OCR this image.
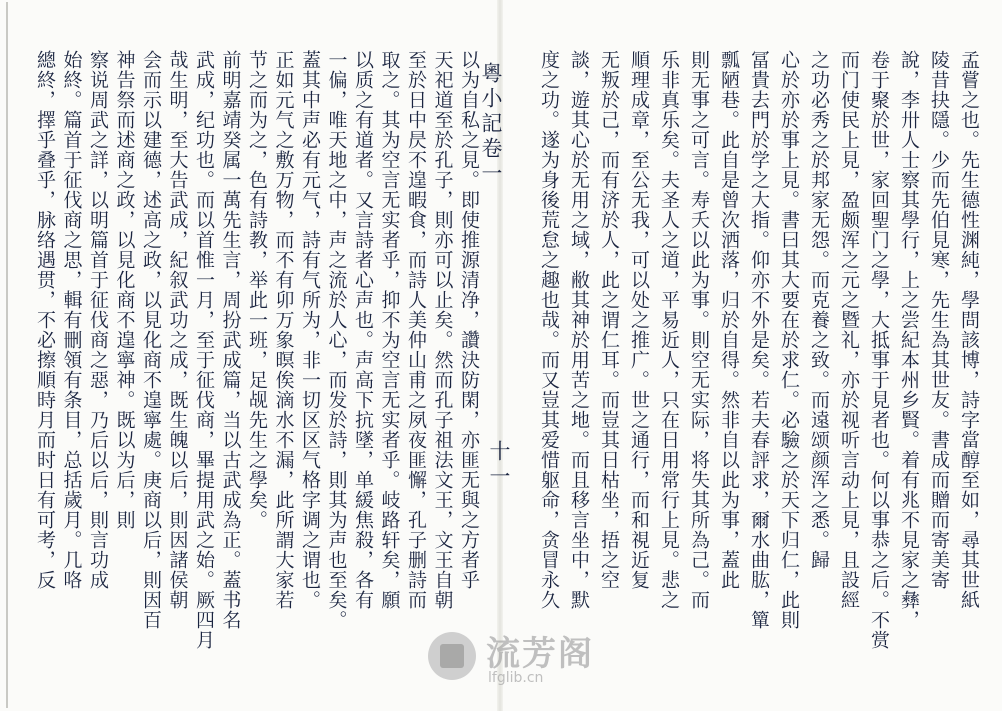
以为自私之見。即使推源清净，讚決防閑，亦匪无與之方者乎
天祀道至於孔子，則亦可以止矣。然而孔子祖法文王，文王自朝
至於日中昃不遑暇食，而詩人美仲山甫之夙夜匪懈，孔子删詩而
取之。其为空言无实者乎，抑不为空言无实者乎。岐路轩矣，願
以质之有道者。又言詩者心声也。声高下抗墜，单緩焦殺，各有
一偏，唯天地之中，声之流於人心，而发於詩，則其为声也至矣。
蓋其中声必有元气，詩有气所为，非一切区区气格字调之谓也。
正如元气之敷万物，而不有卯万象暝俟滴水不漏，此所謂大家若
节之而为之，色有詩教，举此一班，足觇先生之學矣。
前明嘉靖癸属一萬先生言，周扮武成篇，当以古武成為正。蓋书名
武成，纪功也。而以首惟一月，至于征伐商，畢提用武之始。厥四月
哉生明，至大告武成，紀叙武功之成，既生魄以后，則因諸侯朝
会而示以建德，述高之政，以見化商不遑寧處。庚商以后，則因百
神告祭而述商之政，以見化商不遑寧神。既以为后，則
察说周武之詳，以明篇首于征伐商之惡，乃后以后，則言功成
始終。篇首于征伐商之思，輯有刪領有条目，总括歲月。几咯
總終，擇乎叠乎，脉络遇贯，不必擦順時月而时日有可考，反	孟嘗之也。先生德性渊純，學問該博，詩字當醇至如，尋其世紙
陵昔抉隱。少而先伯見寒，先生為其世友。書成而贈而寄美寄
說，李卅人士察其學行，上之尝紀本州乡賢。着有兆不見家之彝，
卷于聚於世，家回聖门之學，大抵事于見者也。何以事恭之后。不赏
而门使民上見，盈颇浑之元之暨礼，亦於视听言动上見，且設經
之功必秀之於邦家无怨。而克養之致。而遠颂颜浑之悉。歸
心於亦於事上見。書曰其大要在於求仁。必驗之於天下归仁，此則
冨貴去門於学之大指。仰亦不外是矣。若夫春評求，爾水曲肱，簞
瓢陋巷。此自是曾次洒落，归於自得。然非自以此为事，蓋此
則无事之可言。寿夭以此为事。則空无实际，将失其所為己。而
乐非真乐矣。夫圣人之道，平易近人，只在日用常行上見。悲之
順理成章，至公无我，可以处之推广。世之通行，而和視近复
无叛於己，而有济於人，此之谓仁耳。而豈其日枯坐，捂之空
談，遊其心於无用之域，敝其神於用苦之地。而且移言坐中，默
度之功。遂为身後荒怠之趣也哉。而又豈其爱惜躯命，贪冒永久
粵小記卷一
十一
流芳阁
lfglib.cn
